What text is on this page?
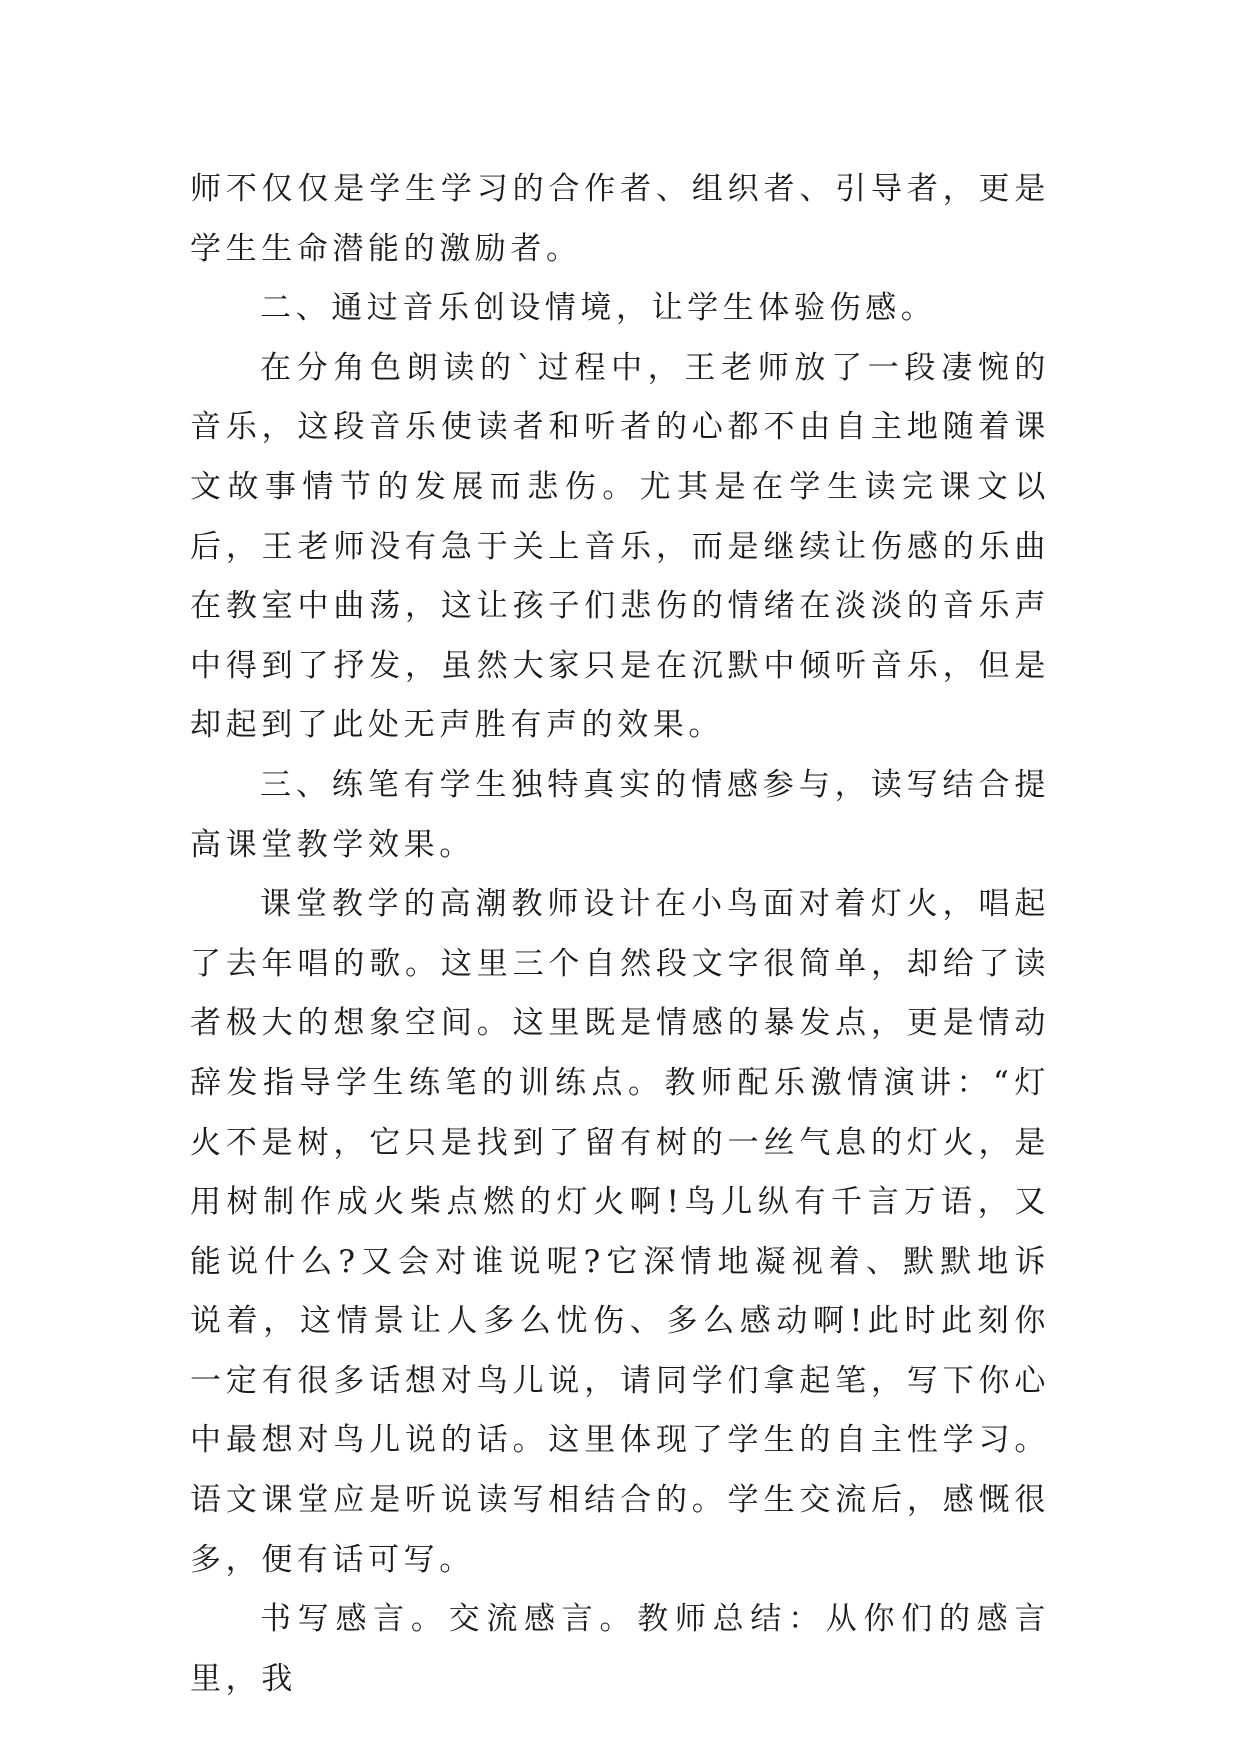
师不仅仅是学生学习的合作者、组织者、引导者，更是学生生命潜能的激励者。

二、通过音乐创设情境，让学生体验伤感。

在分角色朗读的`过程中，王老师放了一段凄惋的音乐，这段音乐使读者和听者的心都不由自主地随着课文故事情节的发展而悲伤。尤其是在学生读完课文以后，王老师没有急于关上音乐，而是继续让伤感的乐曲在教室中曲荡，这让孩子们悲伤的情绪在淡淡的音乐声中得到了抒发，虽然大家只是在沉默中倾听音乐，但是却起到了此处无声胜有声的效果。

三、练笔有学生独特真实的情感参与，读写结合提高课堂教学效果。

课堂教学的高潮教师设计在小鸟面对着灯火，唱起了去年唱的歌。这里三个自然段文字很简单，却给了读者极大的想象空间。这里既是情感的暴发点，更是情动辞发指导学生练笔的训练点。教师配乐激情演讲：“灯火不是树，它只是找到了留有树的一丝气息的灯火，是用树制作成火柴点燃的灯火啊!鸟儿纵有千言万语，又能说什么?又会对谁说呢?它深情地凝视着、默默地诉说着，这情景让人多么忧伤、多么感动啊!此时此刻你一定有很多话想对鸟儿说，请同学们拿起笔，写下你心中最想对鸟儿说的话。这里体现了学生的自主性学习。语文课堂应是听说读写相结合的。学生交流后，感慨很多，便有话可写。

书写感言。交流感言。教师总结：从你们的感言里，我
